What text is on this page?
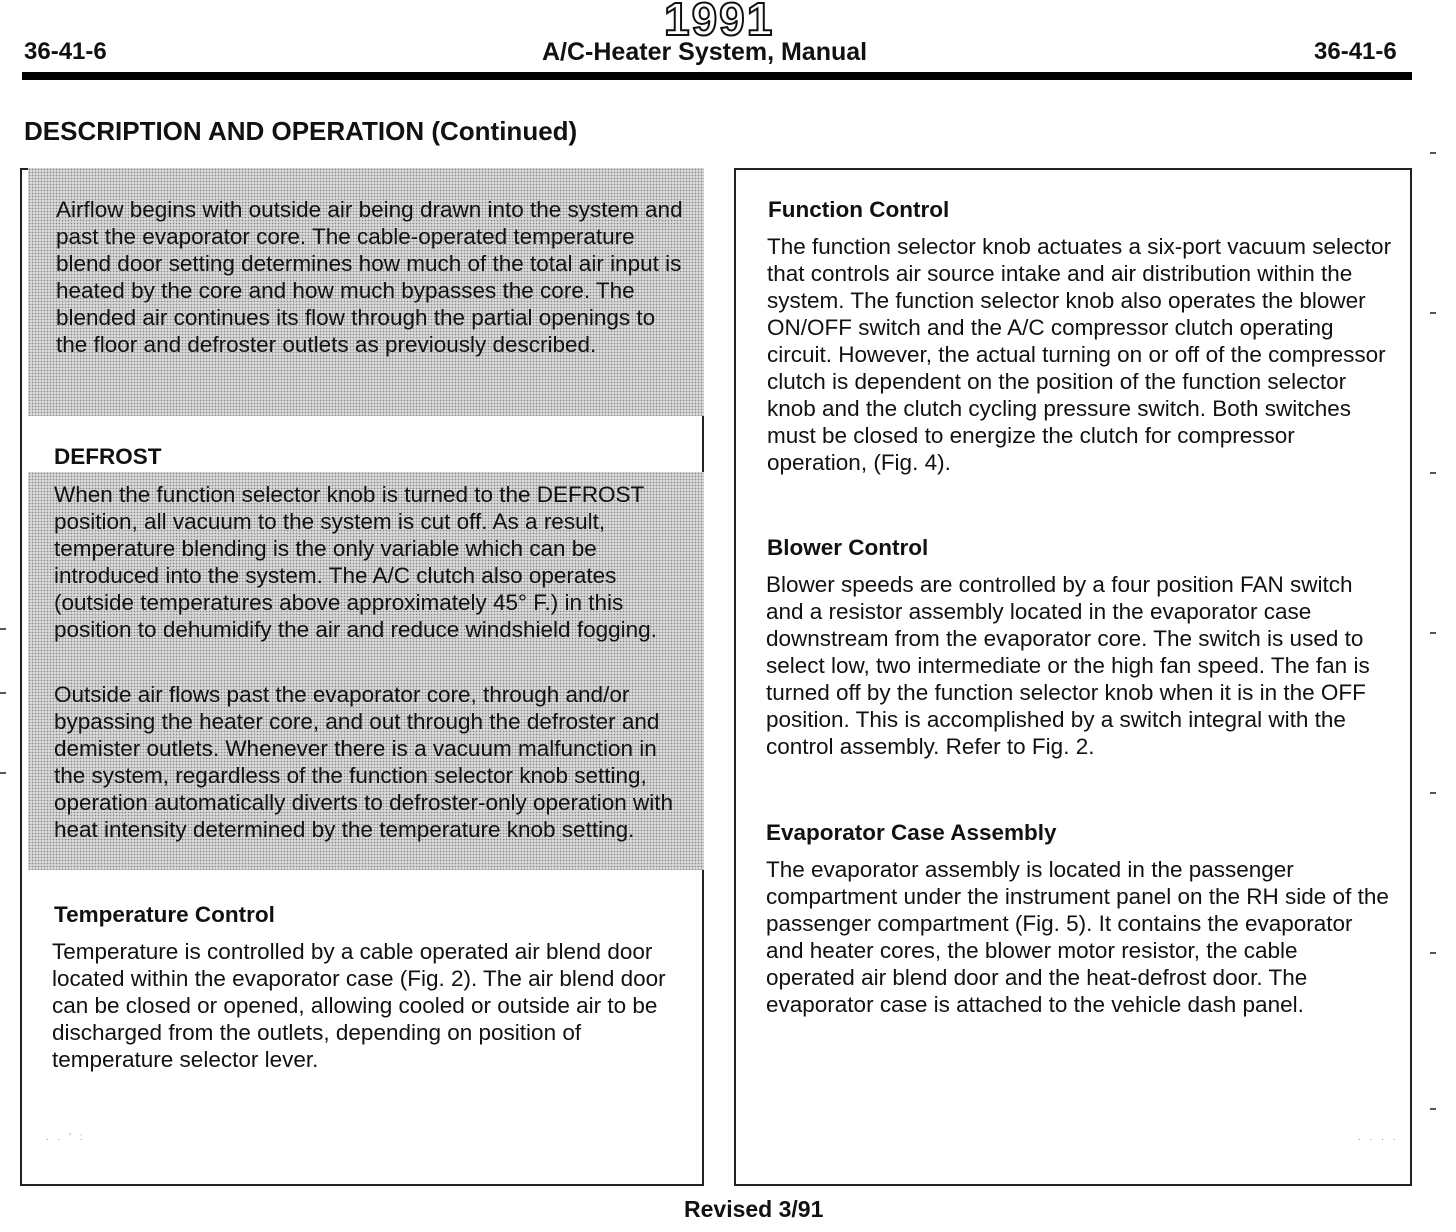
1991
36-41-6	A/C-Heater System, Manual	36-41-6
DESCRIPTION AND OPERATION (Continued)
Airflow begins with outside air being drawn into the system and past the evaporator core. The cable-operated temperature blend door setting determines how much of the total air input is heated by the core and how much bypasses the core. The blended air continues its flow through the partial openings to the floor and defroster outlets as previously described.
DEFROST
When the function selector knob is turned to the DEFROST position, all vacuum to the system is cut off. As a result, temperature blending is the only variable which can be introduced into the system. The A/C clutch also operates (outside temperatures above approximately 45° F.) in this position to dehumidify the air and reduce windshield fogging.
Outside air flows past the evaporator core, through and/or bypassing the heater core, and out through the defroster and demister outlets. Whenever there is a vacuum malfunction in the system, regardless of the function selector knob setting, operation automatically diverts to defroster-only operation with heat intensity determined by the temperature knob setting.
Temperature Control
Temperature is controlled by a cable operated air blend door located within the evaporator case (Fig. 2). The air blend door can be closed or opened, allowing cooled or outside air to be discharged from the outlets, depending on position of temperature selector lever.
Function Control
The function selector knob actuates a six-port vacuum selector that controls air source intake and air distribution within the system. The function selector knob also operates the blower ON/OFF switch and the A/C compressor clutch operating circuit. However, the actual turning on or off of the compressor clutch is dependent on the position of the function selector knob and the clutch cycling pressure switch. Both switches must be closed to energize the clutch for compressor operation, (Fig. 4).
Blower Control
Blower speeds are controlled by a four position FAN switch and a resistor assembly located in the evaporator case downstream from the evaporator core. The switch is used to select low, two intermediate or the high fan speed. The fan is turned off by the function selector knob when it is in the OFF position. This is accomplished by a switch integral with the control assembly. Refer to Fig. 2.
Evaporator Case Assembly
The evaporator assembly is located in the passenger compartment under the instrument panel on the RH side of the passenger compartment (Fig. 5). It contains the evaporator and heater cores, the blower motor resistor, the cable operated air blend door and the heat-defrost door. The evaporator case is attached to the vehicle dash panel.
Revised 3/91
. . ' :	. . . .
